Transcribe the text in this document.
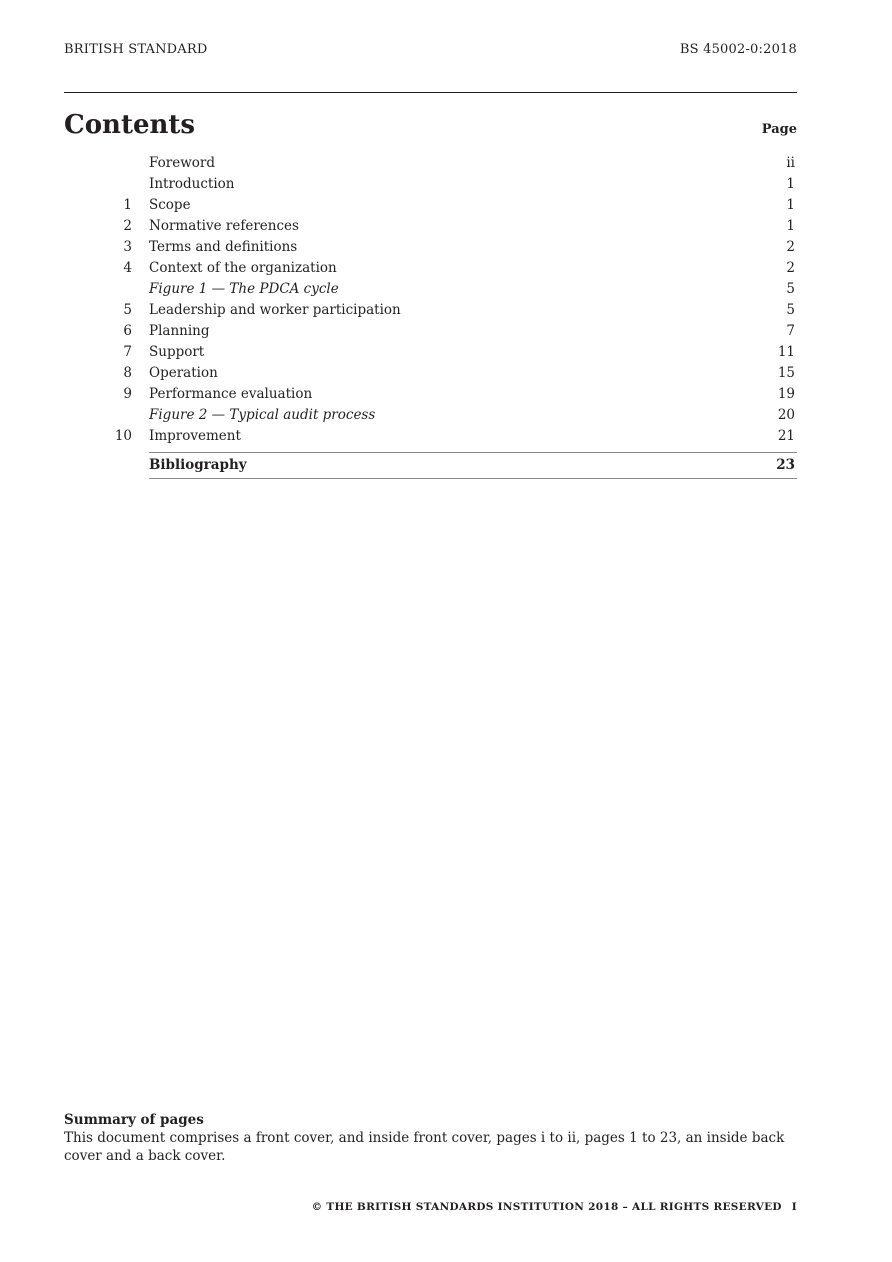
BRITISH STANDARD	BS 45002-0:2018
Contents	Page
Foreword	ii
Introduction	1
1 Scope	1
2 Normative references	1
3 Terms and definitions	2
4 Context of the organization	2
Figure 1 — The PDCA cycle	5
5 Leadership and worker participation	5
6 Planning	7
7 Support	11
8 Operation	15
9 Performance evaluation	19
Figure 2 — Typical audit process	20
10 Improvement	21
Bibliography	23
Summary of pages
This document comprises a front cover, and inside front cover, pages i to ii, pages 1 to 23, an inside back cover and a back cover.
© THE BRITISH STANDARDS INSTITUTION 2018 – ALL RIGHTS RESERVED I
